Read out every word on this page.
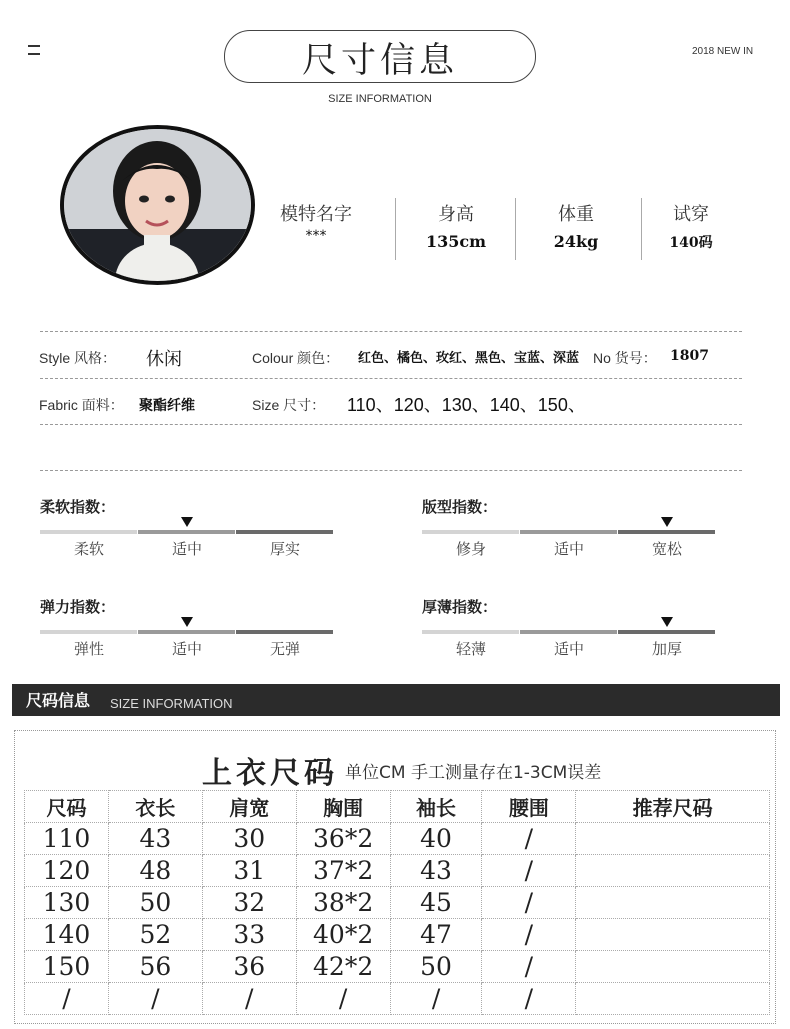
尺寸信息
SIZE INFORMATION
2018 NEW IN
模特名字
***
身高
135cm
体重
24kg
试穿
140码
Style 风格： 休闲	Colour 颜色： 红色、橘色、玫红、黑色、宝蓝、深蓝 No 货号： 1807
Fabric 面料： 聚酯纤维	Size 尺寸： 110、120、130、140、150、
柔软指数：
柔软	适中	厚实
版型指数：
修身	适中	宽松
弹力指数：
弹性	适中	无弹
厚薄指数：
轻薄	适中	加厚
尺码信息 SIZE INFORMATION
上衣尺码 单位CM 手工测量存在1-3CM误差
尺码	衣长	肩宽	胸围	袖长	腰围	推荐尺码
110	43	30	36*2	40	/	
120	48	31	37*2	43	/	
130	50	32	38*2	45	/	
140	52	33	40*2	47	/	
150	56	36	42*2	50	/	
/	/	/	/	/	/	
